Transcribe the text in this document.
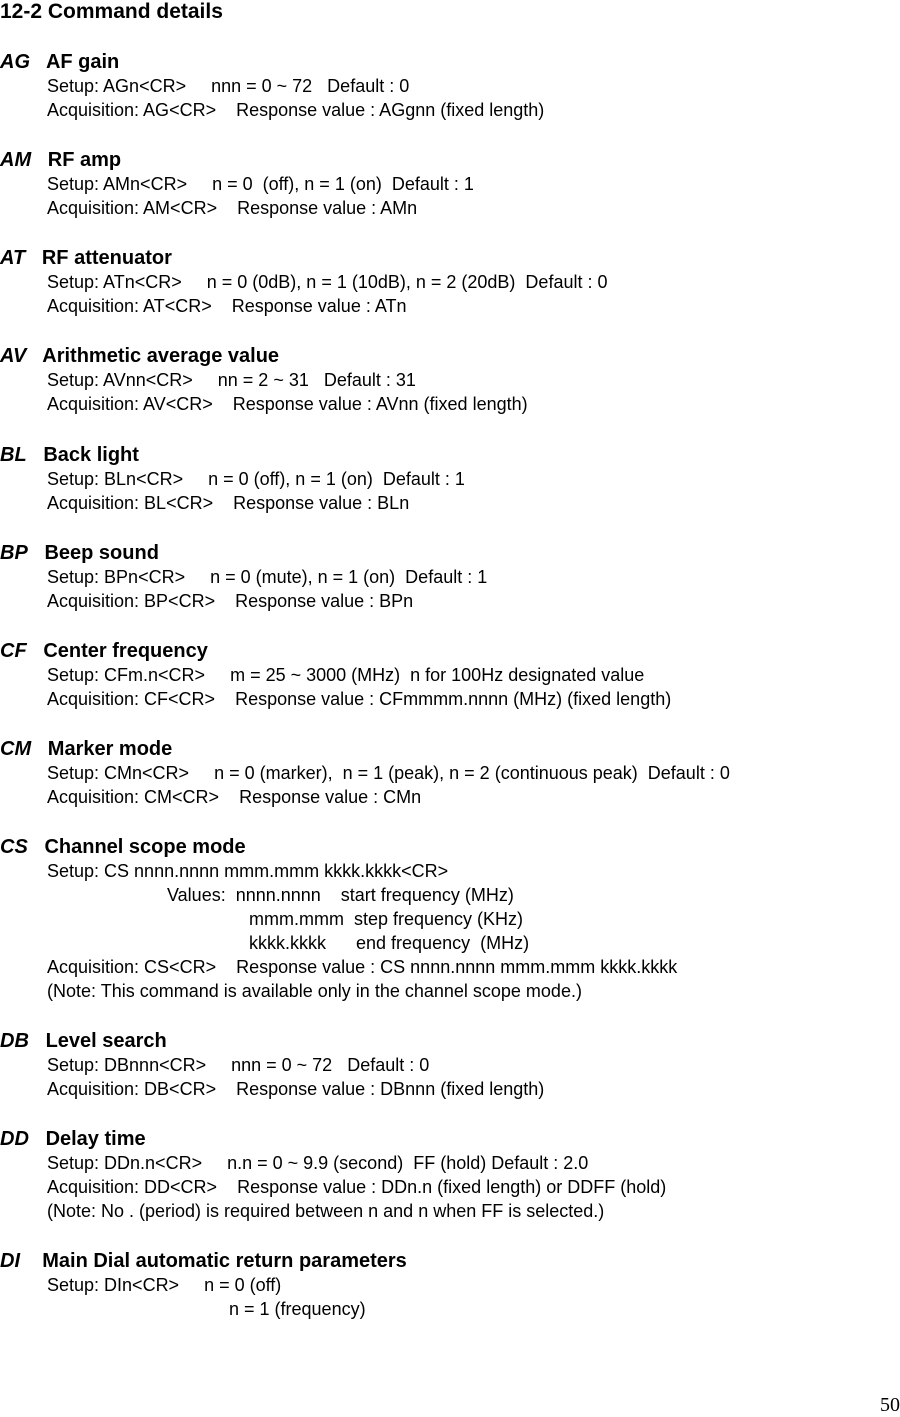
12-2 Command details
AG AF gain
Setup: AGn<CR>     nnn = 0 ~ 72   Default : 0
Acquisition: AG<CR>    Response value : AGgnn (fixed length)
AM RF amp
Setup: AMn<CR>     n = 0  (off), n = 1 (on)  Default : 1
Acquisition: AM<CR>    Response value : AMn
AT RF attenuator
Setup: ATn<CR>     n = 0 (0dB), n = 1 (10dB), n = 2 (20dB)  Default : 0
Acquisition: AT<CR>    Response value : ATn
AV Arithmetic average value
Setup: AVnn<CR>     nn = 2 ~ 31   Default : 31
Acquisition: AV<CR>    Response value : AVnn (fixed length)
BL Back light
Setup: BLn<CR>     n = 0 (off), n = 1 (on)  Default : 1
Acquisition: BL<CR>    Response value : BLn
BP Beep sound
Setup: BPn<CR>     n = 0 (mute), n = 1 (on)  Default : 1
Acquisition: BP<CR>    Response value : BPn
CF Center frequency
Setup: CFm.n<CR>     m = 25 ~ 3000 (MHz)  n for 100Hz designated value
Acquisition: CF<CR>    Response value : CFmmmm.nnnn (MHz) (fixed length)
CM Marker mode
Setup: CMn<CR>     n = 0 (marker),  n = 1 (peak), n = 2 (continuous peak)  Default : 0
Acquisition: CM<CR>    Response value : CMn
CS Channel scope mode
Setup: CS nnnn.nnnn mmm.mmm kkkk.kkkk<CR>
Values:  nnnn.nnnn    start frequency (MHz)
mmm.mmm  step frequency (KHz)
kkkk.kkkk      end frequency  (MHz)
Acquisition: CS<CR>    Response value : CS nnnn.nnnn mmm.mmm kkkk.kkkk
(Note: This command is available only in the channel scope mode.)
DB Level search
Setup: DBnnn<CR>     nnn = 0 ~ 72   Default : 0
Acquisition: DB<CR>    Response value : DBnnn (fixed length)
DD Delay time
Setup: DDn.n<CR>     n.n = 0 ~ 9.9 (second)  FF (hold) Default : 2.0
Acquisition: DD<CR>    Response value : DDn.n (fixed length) or DDFF (hold)
(Note: No . (period) is required between n and n when FF is selected.)
DI Main Dial automatic return parameters
Setup: DIn<CR>     n = 0 (off)
n = 1 (frequency)
50
